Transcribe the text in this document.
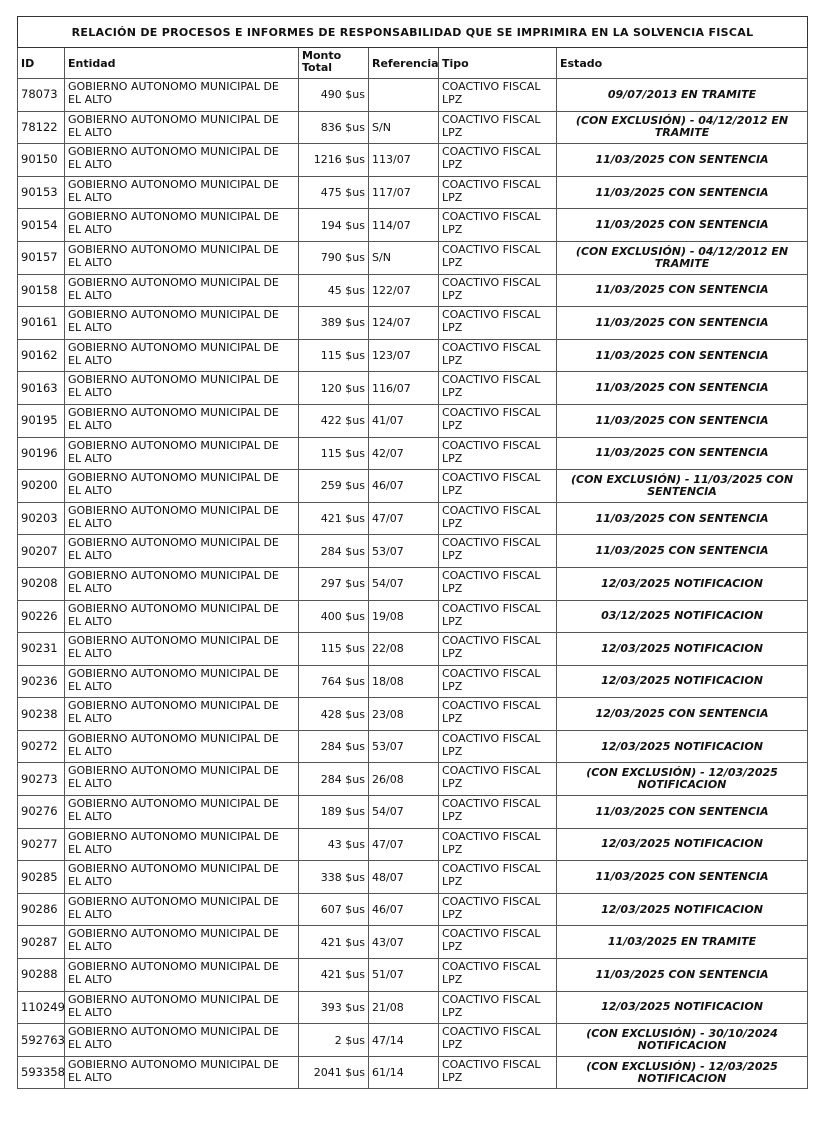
RELACIÓN DE PROCESOS E INFORMES DE RESPONSABILIDAD QUE SE IMPRIMIRA EN LA SOLVENCIA FISCAL					
ID	Entidad	Monto Total	Referencia	Tipo	Estado
78073	GOBIERNO AUTONOMO MUNICIPAL DE EL ALTO	490 $us		COACTIVO FISCAL LPZ	09/07/2013 EN TRAMITE
78122	GOBIERNO AUTONOMO MUNICIPAL DE EL ALTO	836 $us	S/N	COACTIVO FISCAL LPZ	(CON EXCLUSIÓN) - 04/12/2012 EN TRAMITE
90150	GOBIERNO AUTONOMO MUNICIPAL DE EL ALTO	1216 $us	113/07	COACTIVO FISCAL LPZ	11/03/2025 CON SENTENCIA
90153	GOBIERNO AUTONOMO MUNICIPAL DE EL ALTO	475 $us	117/07	COACTIVO FISCAL LPZ	11/03/2025 CON SENTENCIA
90154	GOBIERNO AUTONOMO MUNICIPAL DE EL ALTO	194 $us	114/07	COACTIVO FISCAL LPZ	11/03/2025 CON SENTENCIA
90157	GOBIERNO AUTONOMO MUNICIPAL DE EL ALTO	790 $us	S/N	COACTIVO FISCAL LPZ	(CON EXCLUSIÓN) - 04/12/2012 EN TRAMITE
90158	GOBIERNO AUTONOMO MUNICIPAL DE EL ALTO	45 $us	122/07	COACTIVO FISCAL LPZ	11/03/2025 CON SENTENCIA
90161	GOBIERNO AUTONOMO MUNICIPAL DE EL ALTO	389 $us	124/07	COACTIVO FISCAL LPZ	11/03/2025 CON SENTENCIA
90162	GOBIERNO AUTONOMO MUNICIPAL DE EL ALTO	115 $us	123/07	COACTIVO FISCAL LPZ	11/03/2025 CON SENTENCIA
90163	GOBIERNO AUTONOMO MUNICIPAL DE EL ALTO	120 $us	116/07	COACTIVO FISCAL LPZ	11/03/2025 CON SENTENCIA
90195	GOBIERNO AUTONOMO MUNICIPAL DE EL ALTO	422 $us	41/07	COACTIVO FISCAL LPZ	11/03/2025 CON SENTENCIA
90196	GOBIERNO AUTONOMO MUNICIPAL DE EL ALTO	115 $us	42/07	COACTIVO FISCAL LPZ	11/03/2025 CON SENTENCIA
90200	GOBIERNO AUTONOMO MUNICIPAL DE EL ALTO	259 $us	46/07	COACTIVO FISCAL LPZ	(CON EXCLUSIÓN) - 11/03/2025 CON SENTENCIA
90203	GOBIERNO AUTONOMO MUNICIPAL DE EL ALTO	421 $us	47/07	COACTIVO FISCAL LPZ	11/03/2025 CON SENTENCIA
90207	GOBIERNO AUTONOMO MUNICIPAL DE EL ALTO	284 $us	53/07	COACTIVO FISCAL LPZ	11/03/2025 CON SENTENCIA
90208	GOBIERNO AUTONOMO MUNICIPAL DE EL ALTO	297 $us	54/07	COACTIVO FISCAL LPZ	12/03/2025 NOTIFICACION
90226	GOBIERNO AUTONOMO MUNICIPAL DE EL ALTO	400 $us	19/08	COACTIVO FISCAL LPZ	03/12/2025 NOTIFICACION
90231	GOBIERNO AUTONOMO MUNICIPAL DE EL ALTO	115 $us	22/08	COACTIVO FISCAL LPZ	12/03/2025 NOTIFICACION
90236	GOBIERNO AUTONOMO MUNICIPAL DE EL ALTO	764 $us	18/08	COACTIVO FISCAL LPZ	12/03/2025 NOTIFICACION
90238	GOBIERNO AUTONOMO MUNICIPAL DE EL ALTO	428 $us	23/08	COACTIVO FISCAL LPZ	12/03/2025 CON SENTENCIA
90272	GOBIERNO AUTONOMO MUNICIPAL DE EL ALTO	284 $us	53/07	COACTIVO FISCAL LPZ	12/03/2025 NOTIFICACION
90273	GOBIERNO AUTONOMO MUNICIPAL DE EL ALTO	284 $us	26/08	COACTIVO FISCAL LPZ	(CON EXCLUSIÓN) - 12/03/2025 NOTIFICACION
90276	GOBIERNO AUTONOMO MUNICIPAL DE EL ALTO	189 $us	54/07	COACTIVO FISCAL LPZ	11/03/2025 CON SENTENCIA
90277	GOBIERNO AUTONOMO MUNICIPAL DE EL ALTO	43 $us	47/07	COACTIVO FISCAL LPZ	12/03/2025 NOTIFICACION
90285	GOBIERNO AUTONOMO MUNICIPAL DE EL ALTO	338 $us	48/07	COACTIVO FISCAL LPZ	11/03/2025 CON SENTENCIA
90286	GOBIERNO AUTONOMO MUNICIPAL DE EL ALTO	607 $us	46/07	COACTIVO FISCAL LPZ	12/03/2025 NOTIFICACION
90287	GOBIERNO AUTONOMO MUNICIPAL DE EL ALTO	421 $us	43/07	COACTIVO FISCAL LPZ	11/03/2025 EN TRAMITE
90288	GOBIERNO AUTONOMO MUNICIPAL DE EL ALTO	421 $us	51/07	COACTIVO FISCAL LPZ	11/03/2025 CON SENTENCIA
110249	GOBIERNO AUTONOMO MUNICIPAL DE EL ALTO	393 $us	21/08	COACTIVO FISCAL LPZ	12/03/2025 NOTIFICACION
592763	GOBIERNO AUTONOMO MUNICIPAL DE EL ALTO	2 $us	47/14	COACTIVO FISCAL LPZ	(CON EXCLUSIÓN) - 30/10/2024 NOTIFICACION
593358	GOBIERNO AUTONOMO MUNICIPAL DE EL ALTO	2041 $us	61/14	COACTIVO FISCAL LPZ	(CON EXCLUSIÓN) - 12/03/2025 NOTIFICACION
